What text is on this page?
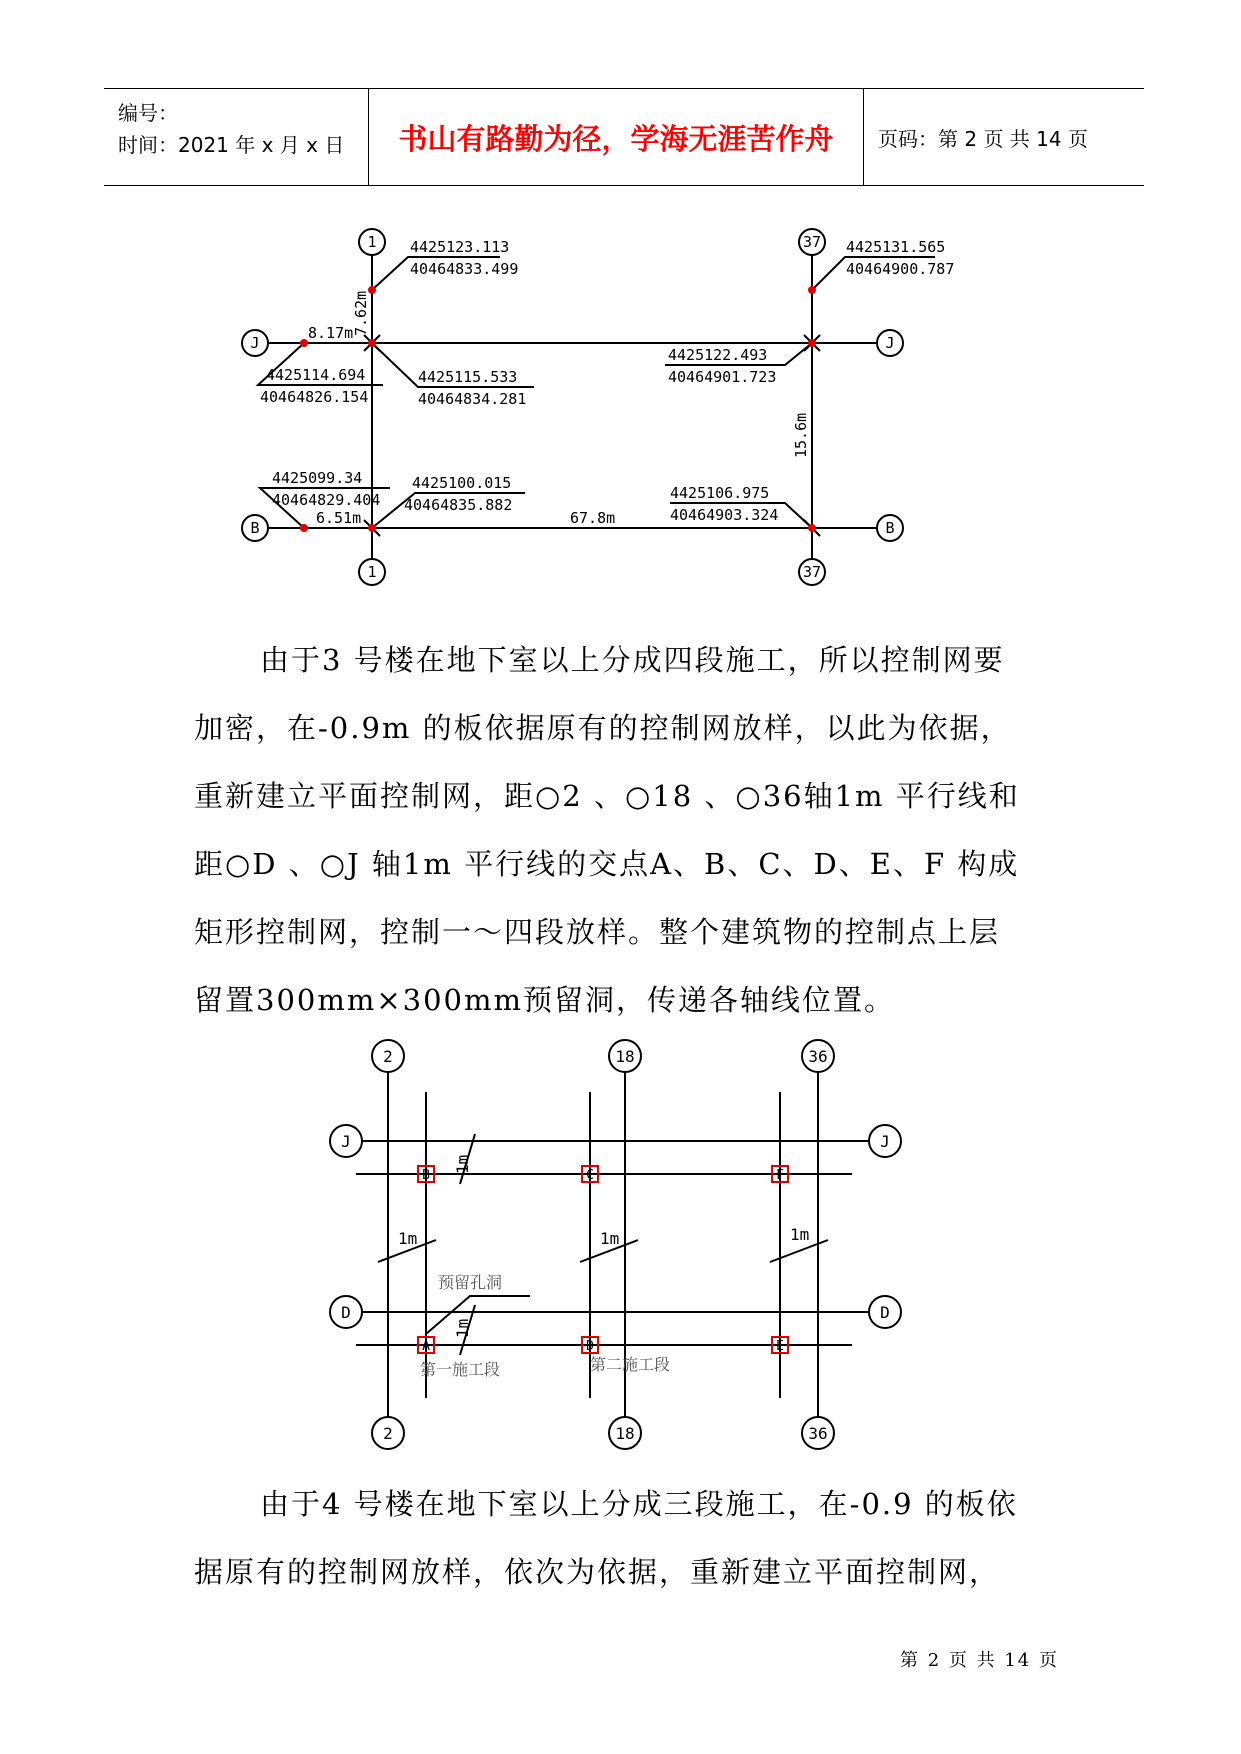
编号：
时间：2021 年 x 月 x 日	书山有路勤为径，学海无涯苦作舟	页码：第 2 页 共 14 页
1
1
37
37
J	J
B	B
4425123.113
40464833.499
4425131.565
40464900.787
4425115.533
40464834.281
4425122.493
40464901.723
4425114.694
40464826.154
4425099.34
40464829.404
4425100.015
40464835.882
4425106.975
40464903.324
8.17m
6.51m	67.8m
7.62m
15.6m

由于3 号楼在地下室以上分成四段施工，所以控制网要
加密，在-0.9m 的板依据原有的控制网放样，以此为依据，
重新建立平面控制网，距○2 、○18 、○36轴1m 平行线和
距○D 、○J 轴1m 平行线的交点A、B、C、D、E、F 构成
矩形控制网，控制一～四段放样。整个建筑物的控制点上层
留置300mm×300mm预留洞，传递各轴线位置。

2	18	36
2	18	36
J	J
D	D
B	C	F
A	D	E
1m	1m	1m
1m
1m
预留孔洞
第一施工段	第二施工段

由于4 号楼在地下室以上分成三段施工，在-0.9 的板依
据原有的控制网放样，依次为依据，重新建立平面控制网，

第 2 页 共 14 页
